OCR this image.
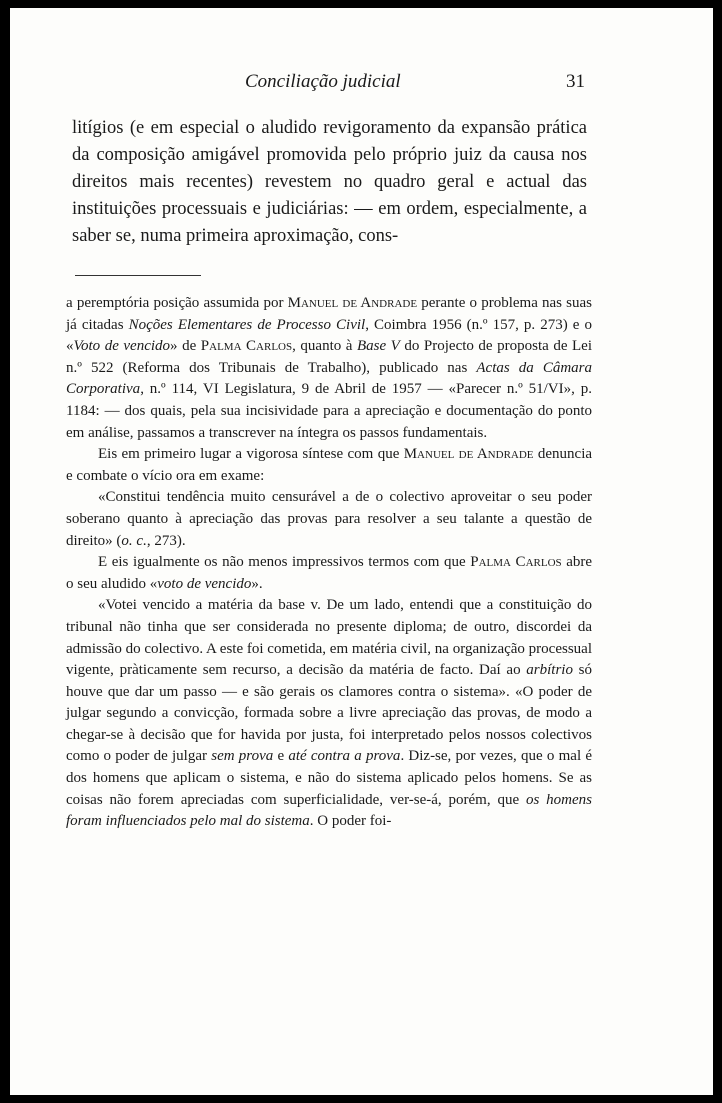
Conciliação judicial	31

litígios (e em especial o aludido revigoramento da expansão prática da composição amigável promovida pelo próprio juiz da causa nos direitos mais recentes) revestem no quadro geral e actual das instituições processuais e judiciárias: — em ordem, especialmente, a saber se, numa primeira aproximação, cons-

a peremptória posição assumida por Manuel de Andrade perante o problema nas suas já citadas Noções Elementares de Processo Civil, Coimbra 1956 (n.º 157, p. 273) e o «Voto de vencido» de Palma Carlos, quanto à Base V do Projecto de proposta de Lei n.º 522 (Reforma dos Tribunais de Trabalho), publicado nas Actas da Câmara Corporativa, n.º 114, VI Legislatura, 9 de Abril de 1957 — «Parecer n.º 51/VI», p. 1184: — dos quais, pela sua incisividade para a apreciação e documentação do ponto em análise, passamos a transcrever na íntegra os passos fundamentais.

Eis em primeiro lugar a vigorosa síntese com que Manuel de Andrade denuncia e combate o vício ora em exame:

«Constitui tendência muito censurável a de o colectivo aproveitar o seu poder soberano quanto à apreciação das provas para resolver a seu talante a questão de direito» (o. c., 273).

E eis igualmente os não menos impressivos termos com que Palma Carlos abre o seu aludido «voto de vencido».

«Votei vencido a matéria da base v. De um lado, entendi que a constituição do tribunal não tinha que ser considerada no presente diploma; de outro, discordei da admissão do colectivo. A este foi cometida, em matéria civil, na organização processual vigente, pràticamente sem recurso, a decisão da matéria de facto. Daí ao arbítrio só houve que dar um passo — e são gerais os clamores contra o sistema». «O poder de julgar segundo a convicção, formada sobre a livre apreciação das provas, de modo a chegar-se à decisão que for havida por justa, foi interpretado pelos nossos colectivos como o poder de julgar sem prova e até contra a prova. Diz-se, por vezes, que o mal é dos homens que aplicam o sistema, e não do sistema aplicado pelos homens. Se as coisas não forem apreciadas com superficialidade, ver-se-á, porém, que os homens foram influenciados pelo mal do sistema. O poder foi-
